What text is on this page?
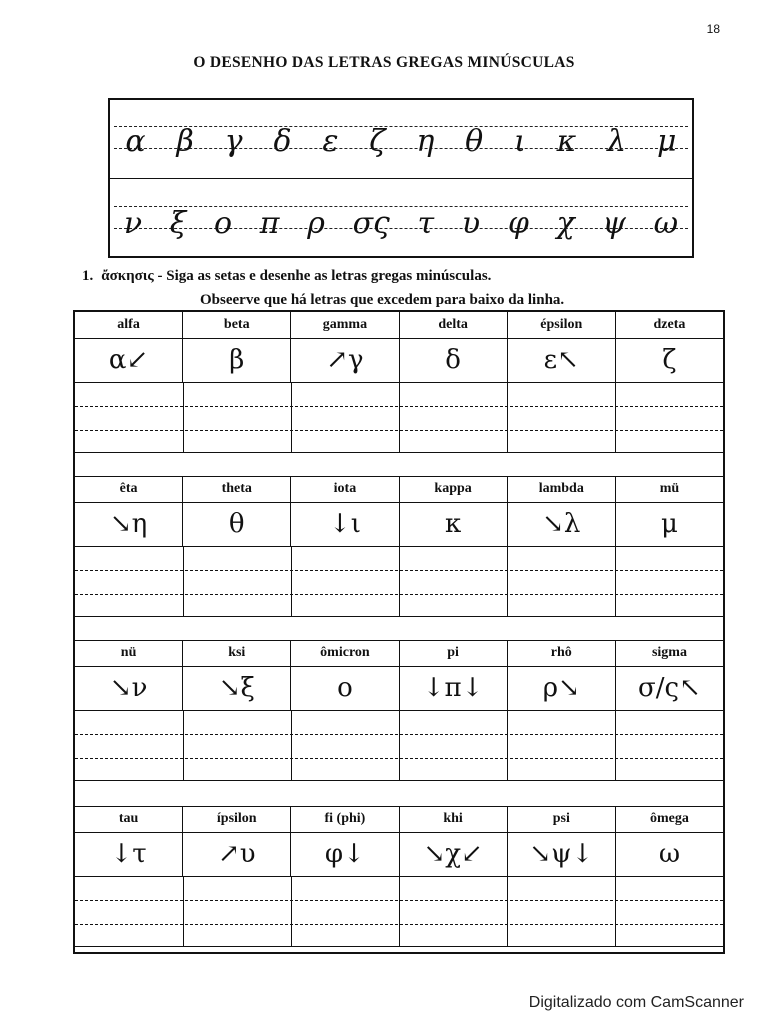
18
O DESENHO DAS LETRAS GREGAS MINÚSCULAS
α β γ δ ε ζ η θ ι κ λ μ
ν ξ ο π ρ σς τ υ φ χ ψ ω
1. ἄσκησις - Siga as setas e desenhe as letras gregas minúsculas.
Obseerve que há letras que excedem para baixo da linha.
alfa	beta	gamma	delta	épsilon	dzeta
α↙	β	↗γ	δ	ε↖	ζ
êta	theta	iota	kappa	lambda	mü
↘η	θ	↓ι	κ	↘λ	μ
nü	ksi	ômicron	pi	rhô	sigma
↘ν	↘ξ	ο	↓π↓	ρ↘	σ/ς↖
tau	ípsilon	fi (phi)	khi	psi	ômega
↓τ	↗υ	φ↓	↘χ↙	↘ψ↓	ω
Digitalizado com CamScanner
